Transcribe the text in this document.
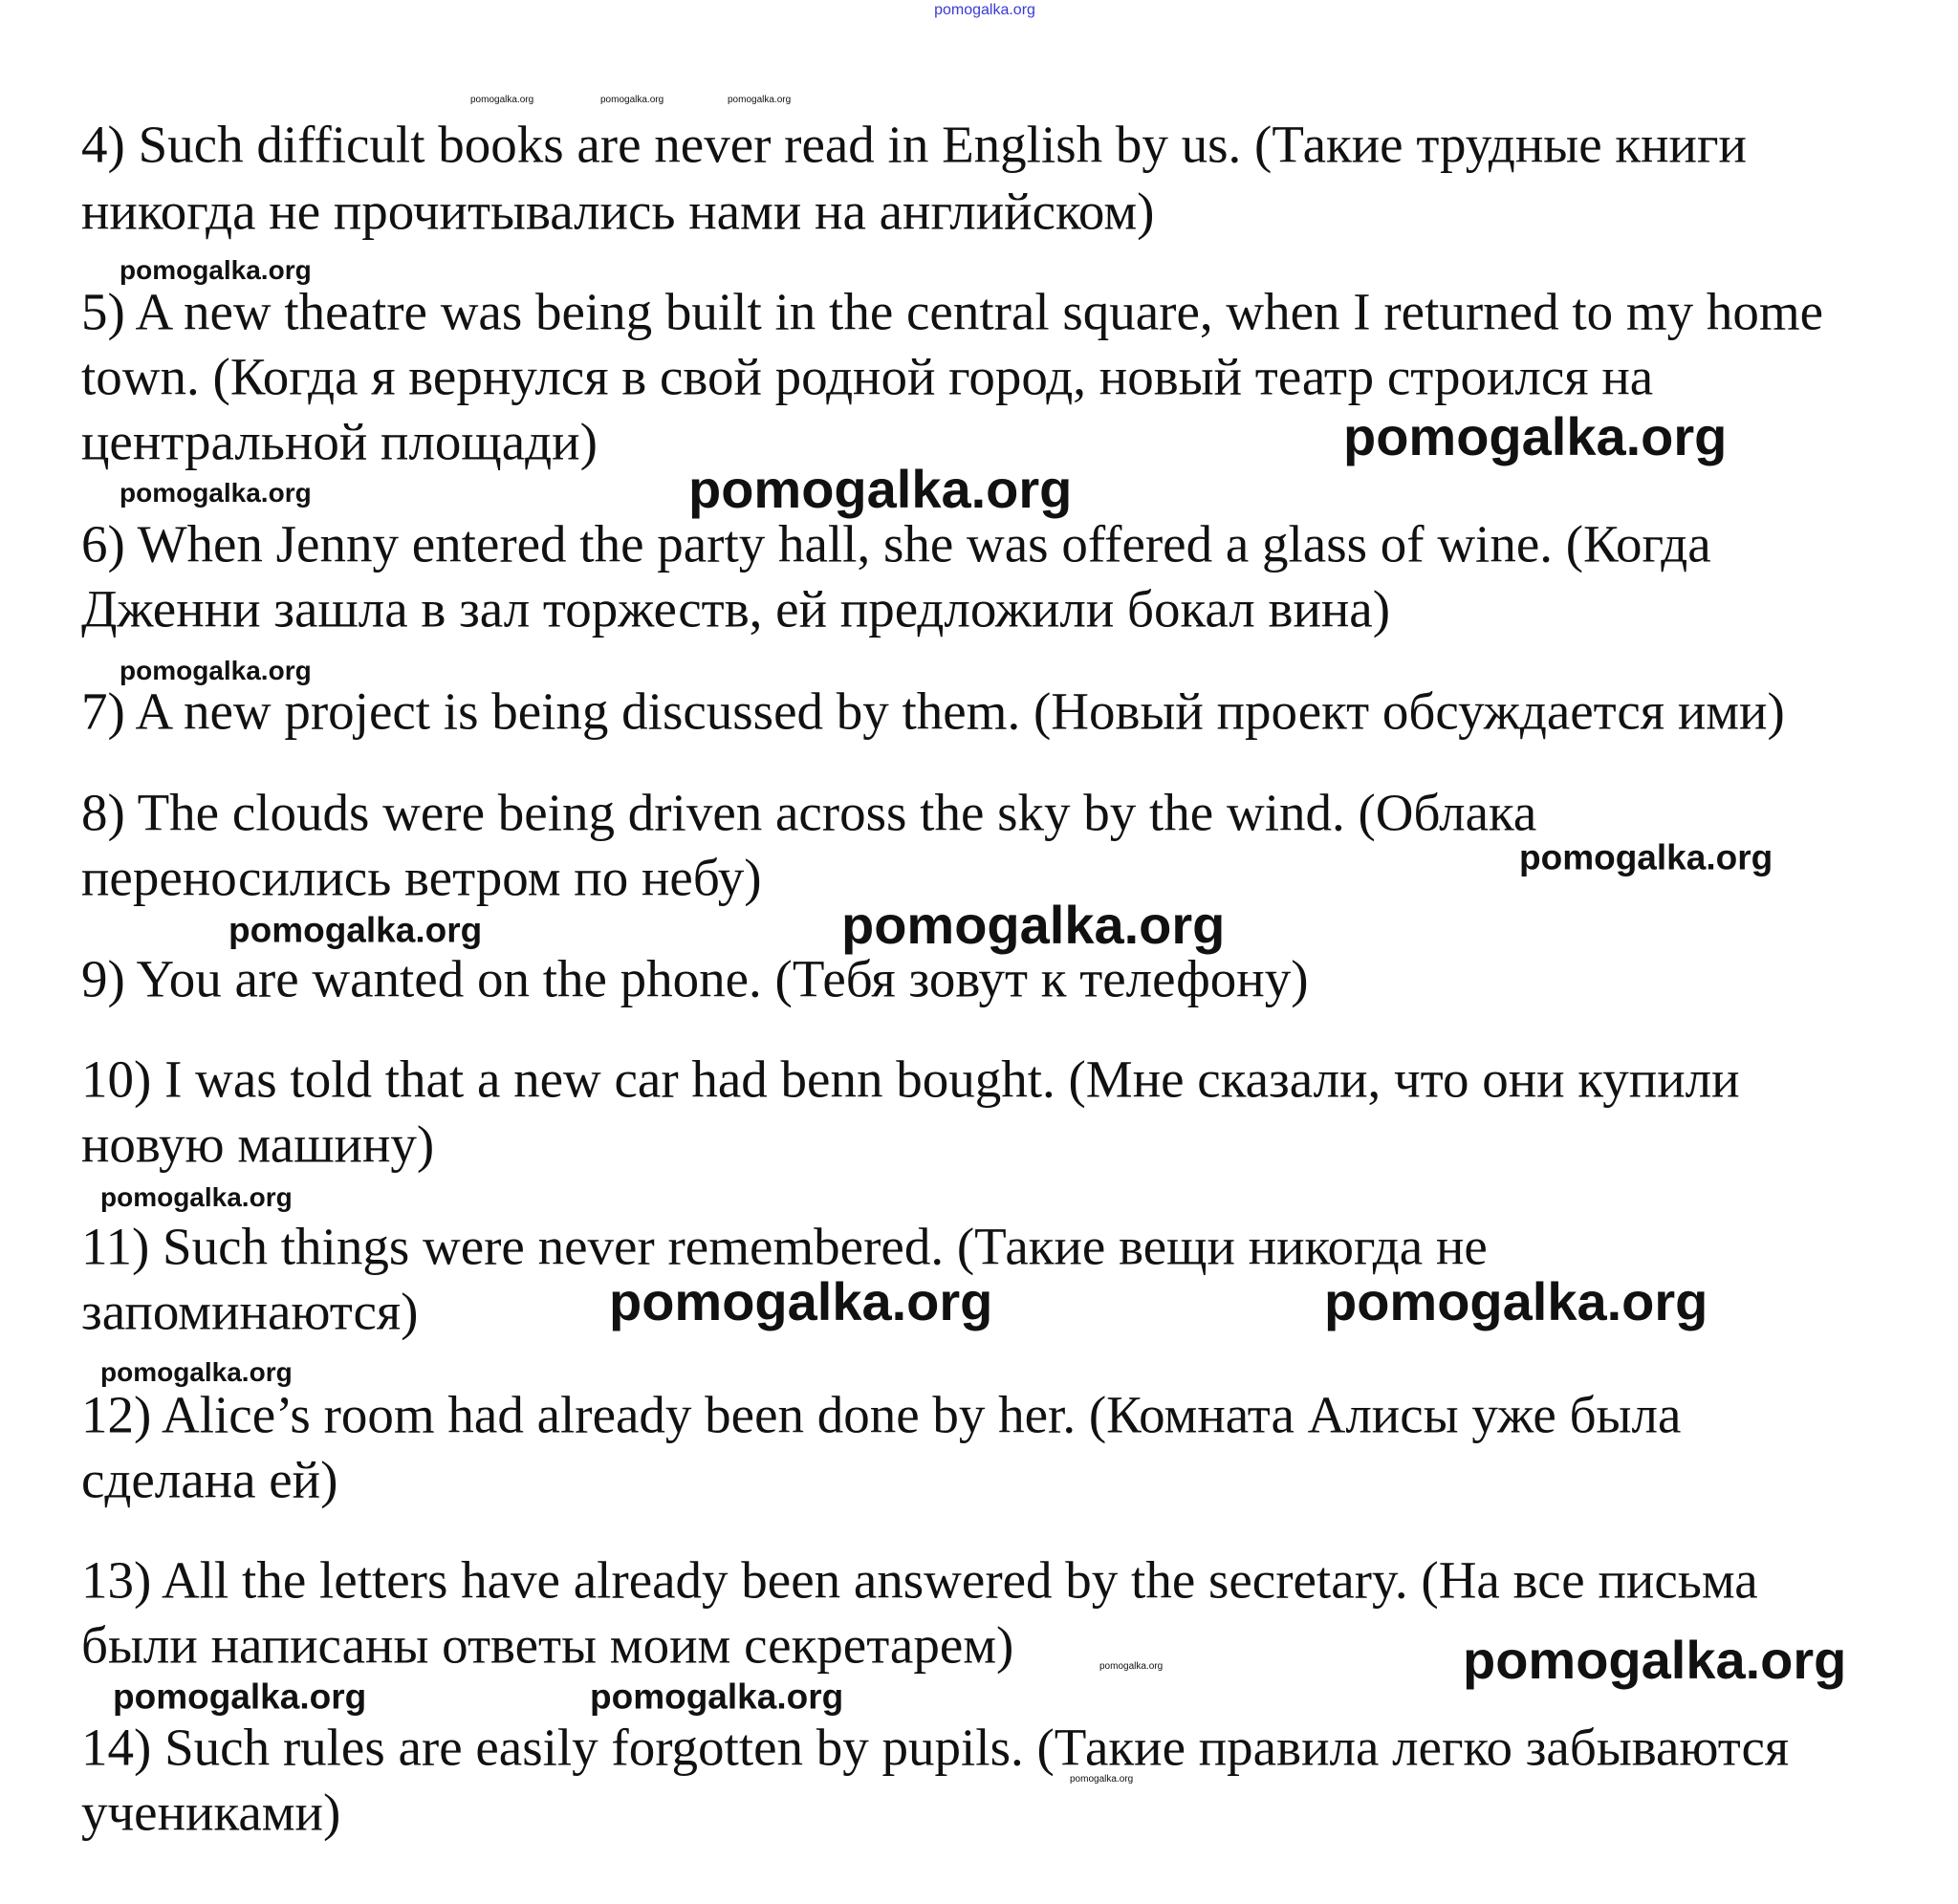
pomogalka.org
4) Such difficult books are never read in English by us. (Такие трудные книги
никогда не прочитывались нами на английском)
5) A new theatre was being built in the central square, when I returned to my home
town. (Когда я вернулся в свой родной город, новый театр строился на
центральной площади)
6) When Jenny entered the party hall, she was offered a glass of wine. (Когда
Дженни зашла в зал торжеств, ей предложили бокал вина)
7) A new project is being discussed by them. (Новый проект обсуждается ими)
8) The clouds were being driven across the sky by the wind. (Облака
переносились ветром по небу)
9) You are wanted on the phone. (Тебя зовут к телефону)
10) I was told that a new car had benn bought. (Мне сказали, что они купили
новую машину)
11) Such things were never remembered. (Такие вещи никогда не
запоминаются)
12) Alice’s room had already been done by her. (Комната Алисы уже была
сделана ей)
13) All the letters have already been answered by the secretary. (На все письма
были написаны ответы моим секретарем)
14) Such rules are easily forgotten by pupils. (Такие правила легко забываются
учениками)
pomogalka.org	pomogalka.org	pomogalka.org
pomogalka.org
pomogalka.org
pomogalka.org
pomogalka.org
pomogalka.org
pomogalka.org
pomogalka.org	pomogalka.org
pomogalka.org
pomogalka.org	pomogalka.org
pomogalka.org
pomogalka.org	pomogalka.org
pomogalka.org
pomogalka.org
pomogalka.org
